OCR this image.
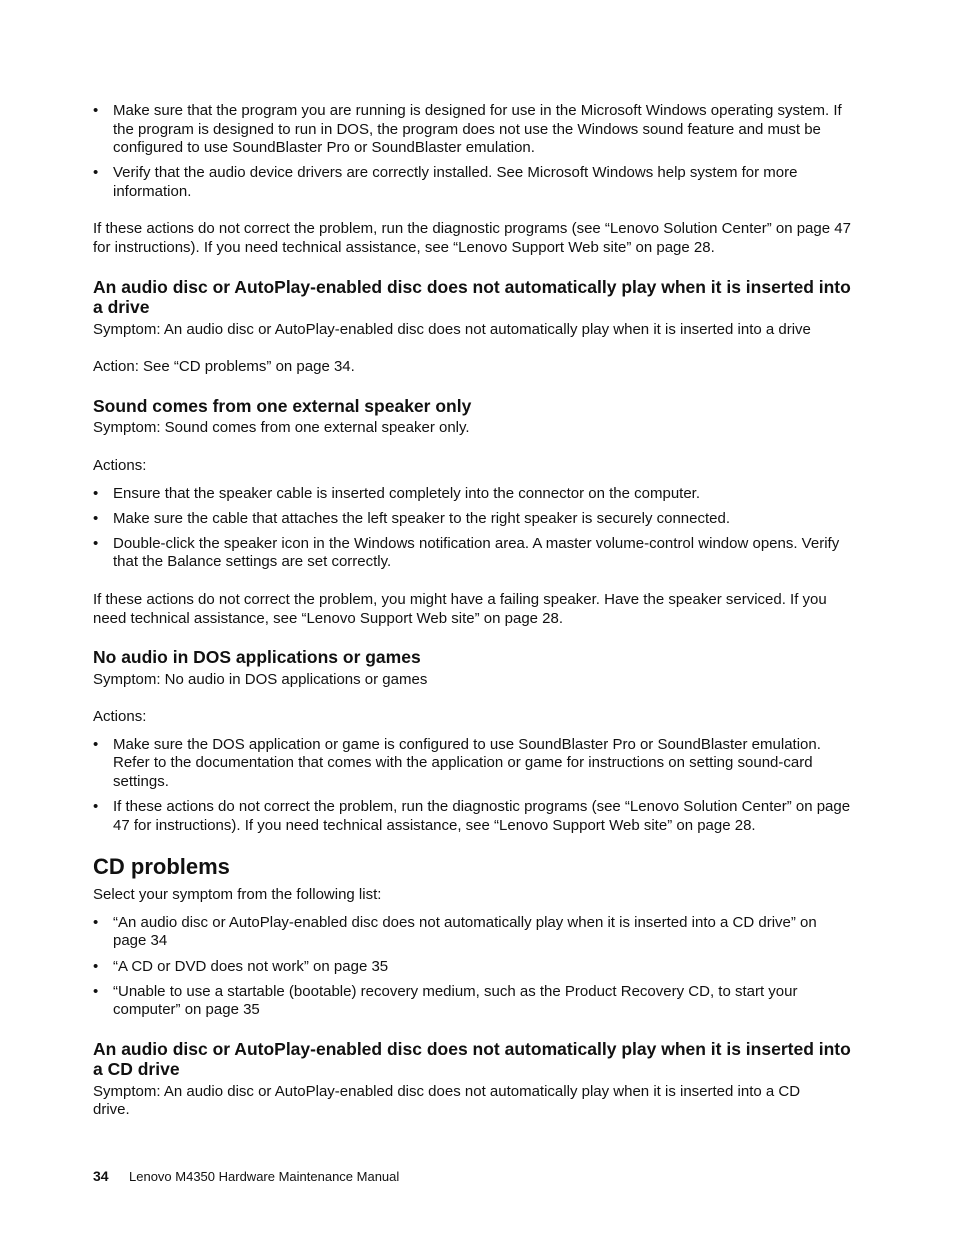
• Make sure that the program you are running is designed for use in the Microsoft Windows operating system. If the program is designed to run in DOS, the program does not use the Windows sound feature and must be configured to use SoundBlaster Pro or SoundBlaster emulation.
• Verify that the audio device drivers are correctly installed. See Microsoft Windows help system for more information.

If these actions do not correct the problem, run the diagnostic programs (see “Lenovo Solution Center” on page 47 for instructions). If you need technical assistance, see “Lenovo Support Web site” on page 28.

An audio disc or AutoPlay-enabled disc does not automatically play when it is inserted into a drive

Symptom: An audio disc or AutoPlay-enabled disc does not automatically play when it is inserted into a drive

Action: See “CD problems” on page 34.

Sound comes from one external speaker only

Symptom: Sound comes from one external speaker only.

Actions:

• Ensure that the speaker cable is inserted completely into the connector on the computer.
• Make sure the cable that attaches the left speaker to the right speaker is securely connected.
• Double-click the speaker icon in the Windows notification area. A master volume-control window opens. Verify that the Balance settings are set correctly.

If these actions do not correct the problem, you might have a failing speaker. Have the speaker serviced. If you need technical assistance, see “Lenovo Support Web site” on page 28.

No audio in DOS applications or games

Symptom: No audio in DOS applications or games

Actions:

• Make sure the DOS application or game is configured to use SoundBlaster Pro or SoundBlaster emulation. Refer to the documentation that comes with the application or game for instructions on setting sound-card settings.
• If these actions do not correct the problem, run the diagnostic programs (see “Lenovo Solution Center” on page 47 for instructions). If you need technical assistance, see “Lenovo Support Web site” on page 28.
CD problems

Select your symptom from the following list:

• “An audio disc or AutoPlay-enabled disc does not automatically play when it is inserted into a CD drive” on page 34
• “A CD or DVD does not work” on page 35
• “Unable to use a startable (bootable) recovery medium, such as the Product Recovery CD, to start your computer” on page 35
An audio disc or AutoPlay-enabled disc does not automatically play when it is inserted into a CD drive

Symptom: An audio disc or AutoPlay-enabled disc does not automatically play when it is inserted into a CD drive.

34 Lenovo M4350 Hardware Maintenance Manual
